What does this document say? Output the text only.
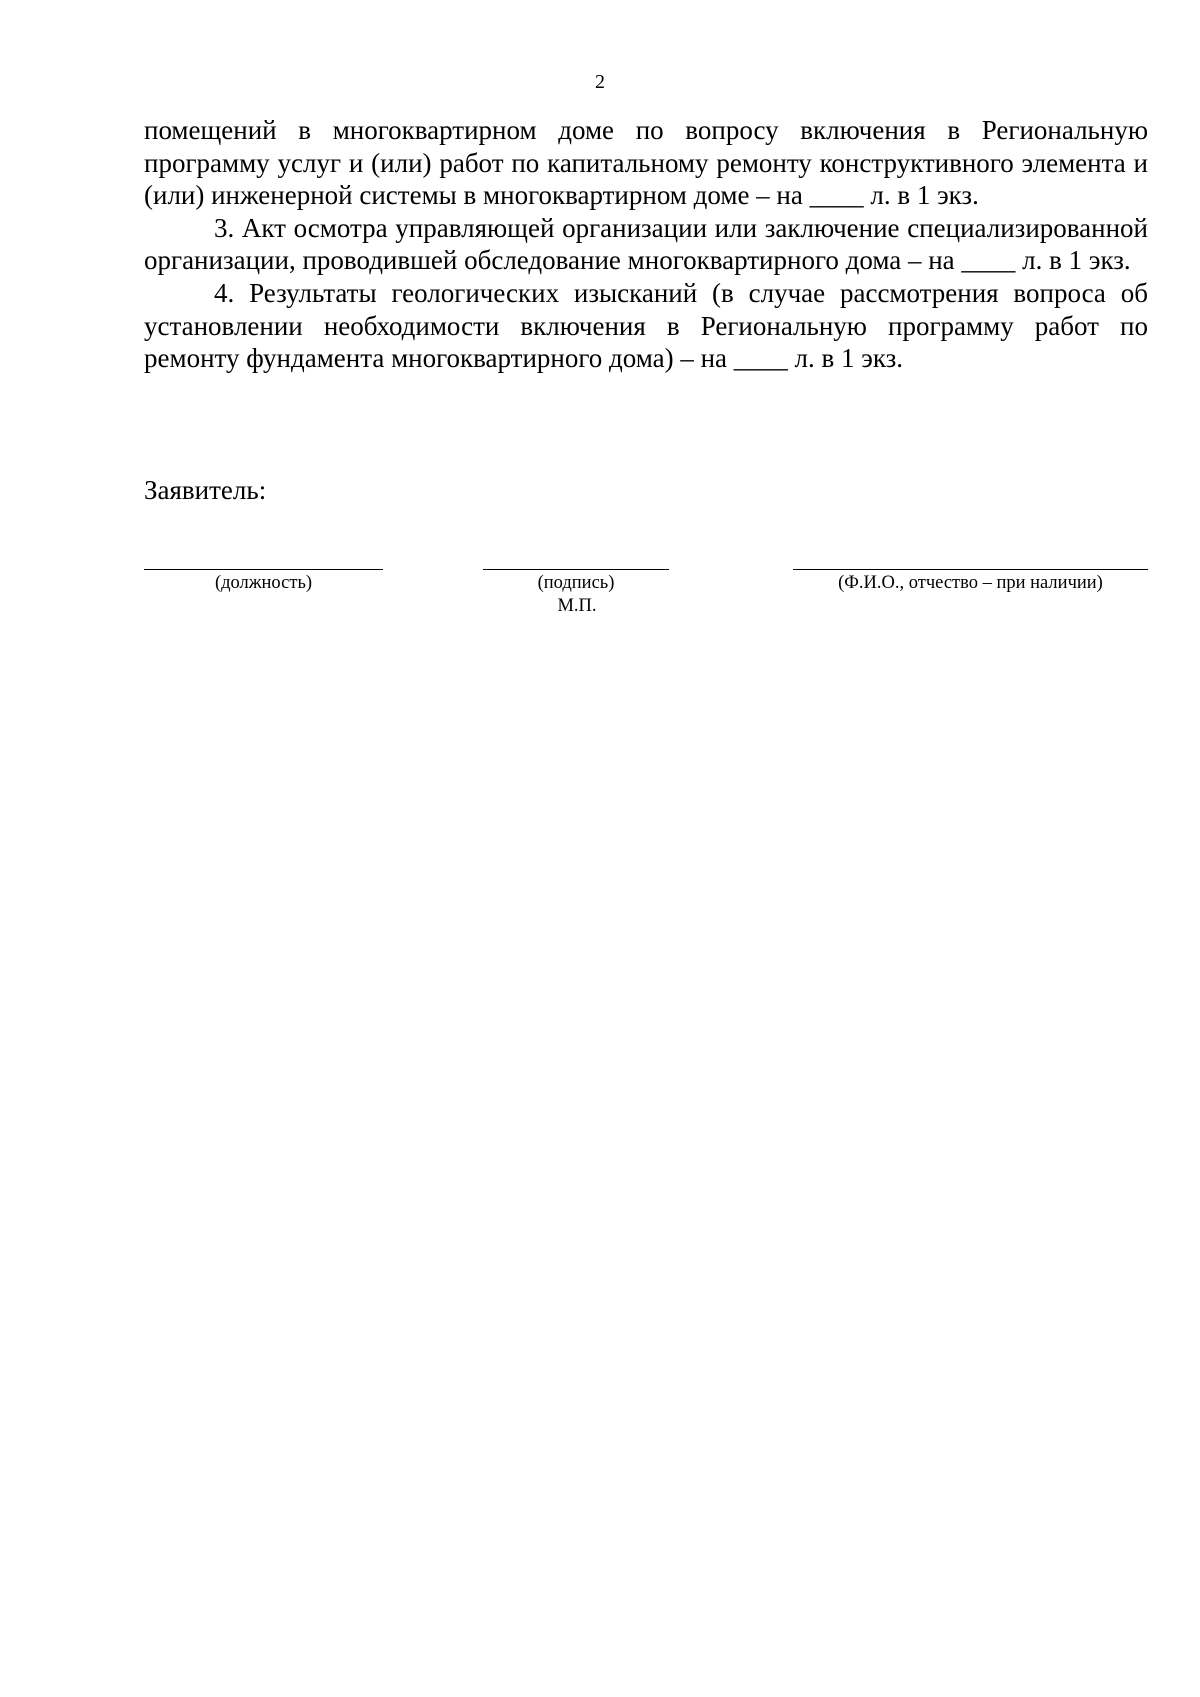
2

помещений в многоквартирном доме по вопросу включения в Региональную программу услуг и (или) работ по капитальному ремонту конструктивного элемента и (или) инженерной системы в многоквартирном доме – на ____ л. в 1 экз.

3. Акт осмотра управляющей организации или заключение специализированной организации, проводившей обследование многоквартирного дома – на ____ л. в 1 экз.

4. Результаты геологических изысканий (в случае рассмотрения вопроса об установлении необходимости включения в Региональную программу работ по ремонту фундамента многоквартирного дома) – на ____ л. в 1 экз.

Заявитель:
(должность)	(подпись)
М.П.
(Ф.И.О., отчество – при наличии)
